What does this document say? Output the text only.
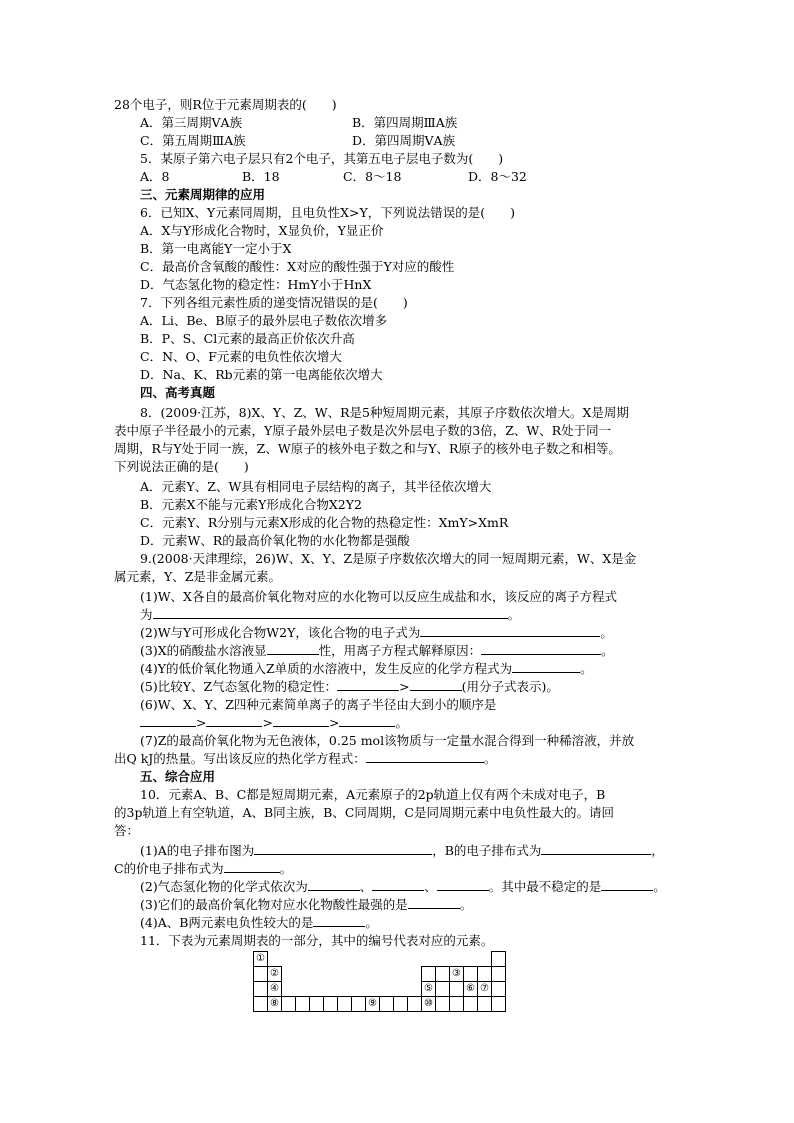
28个电子，则R位于元素周期表的(　　)
A．第三周期ⅤA族	B．第四周期ⅢA族
C．第五周期ⅢA族	D．第四周期ⅤA族
5．某原子第六电子层只有2个电子，其第五电子层电子数为(　　)
A．8	B．18	C．8～18	D．8～32
三、元素周期律的应用
6．已知X、Y元素同周期，且电负性X>Y，下列说法错误的是(　　)
A．X与Y形成化合物时，X显负价，Y显正价
B．第一电离能Y一定小于X
C．最高价含氧酸的酸性：X对应的酸性强于Y对应的酸性
D．气态氢化物的稳定性：HmY小于HnX
7．下列各组元素性质的递变情况错误的是(　　)
A．Li、Be、B原子的最外层电子数依次增多
B．P、S、Cl元素的最高正价依次升高
C．N、O、F元素的电负性依次增大
D．Na、K、Rb元素的第一电离能依次增大
四、高考真题
8．(2009·江苏，8)X、Y、Z、W、R是5种短周期元素，其原子序数依次增大。X是周期
表中原子半径最小的元素，Y原子最外层电子数是次外层电子数的3倍，Z、W、R处于同一
周期，R与Y处于同一族，Z、W原子的核外电子数之和与Y、R原子的核外电子数之和相等。
下列说法正确的是(　　)
A．元素Y、Z、W具有相同电子层结构的离子，其半径依次增大
B．元素X不能与元素Y形成化合物X2Y2
C．元素Y、R分别与元素X形成的化合物的热稳定性：XmY>XmR
D．元素W、R的最高价氧化物的水化物都是强酸
9.(2008·天津理综，26)W、X、Y、Z是原子序数依次增大的同一短周期元素，W、X是金
属元素，Y、Z是非金属元素。
(1)W、X各自的最高价氧化物对应的水化物可以反应生成盐和水，该反应的离子方程式
为	。
(2)W与Y可形成化合物W2Y，该化合物的电子式为	。
(3)X的硝酸盐水溶液显	性，用离子方程式解释原因：	。
(4)Y的低价氧化物通入Z单质的水溶液中，发生反应的化学方程式为	。
(5)比较Y、Z气态氢化物的稳定性：	>	(用分子式表示)。
(6)W、X、Y、Z四种元素简单离子的离子半径由大到小的顺序是
>	>	>	。
(7)Z的最高价氧化物为无色液体，0.25 mol该物质与一定量水混合得到一种稀溶液，并放
出Q kJ的热量。写出该反应的热化学方程式：	。
五、综合应用
10．元素A、B、C都是短周期元素，A元素原子的2p轨道上仅有两个未成对电子，B
的3p轨道上有空轨道，A、B同主族，B、C同周期，C是同周期元素中电负性最大的。请回
答：
(1)A的电子排布图为	，B的电子排布式为	，
C的价电子排布式为	。
(2)气态氢化物的化学式依次为	、	、	。其中最不稳定的是	。
(3)它们的最高价氧化物对应水化物酸性最强的是	。
(4)A、B两元素电负性较大的是	。
11．下表为元素周期表的一部分，其中的编号代表对应的元素。
①																	
	②													③			
	④											⑤			⑥	⑦	
	⑧							⑨				⑩					
